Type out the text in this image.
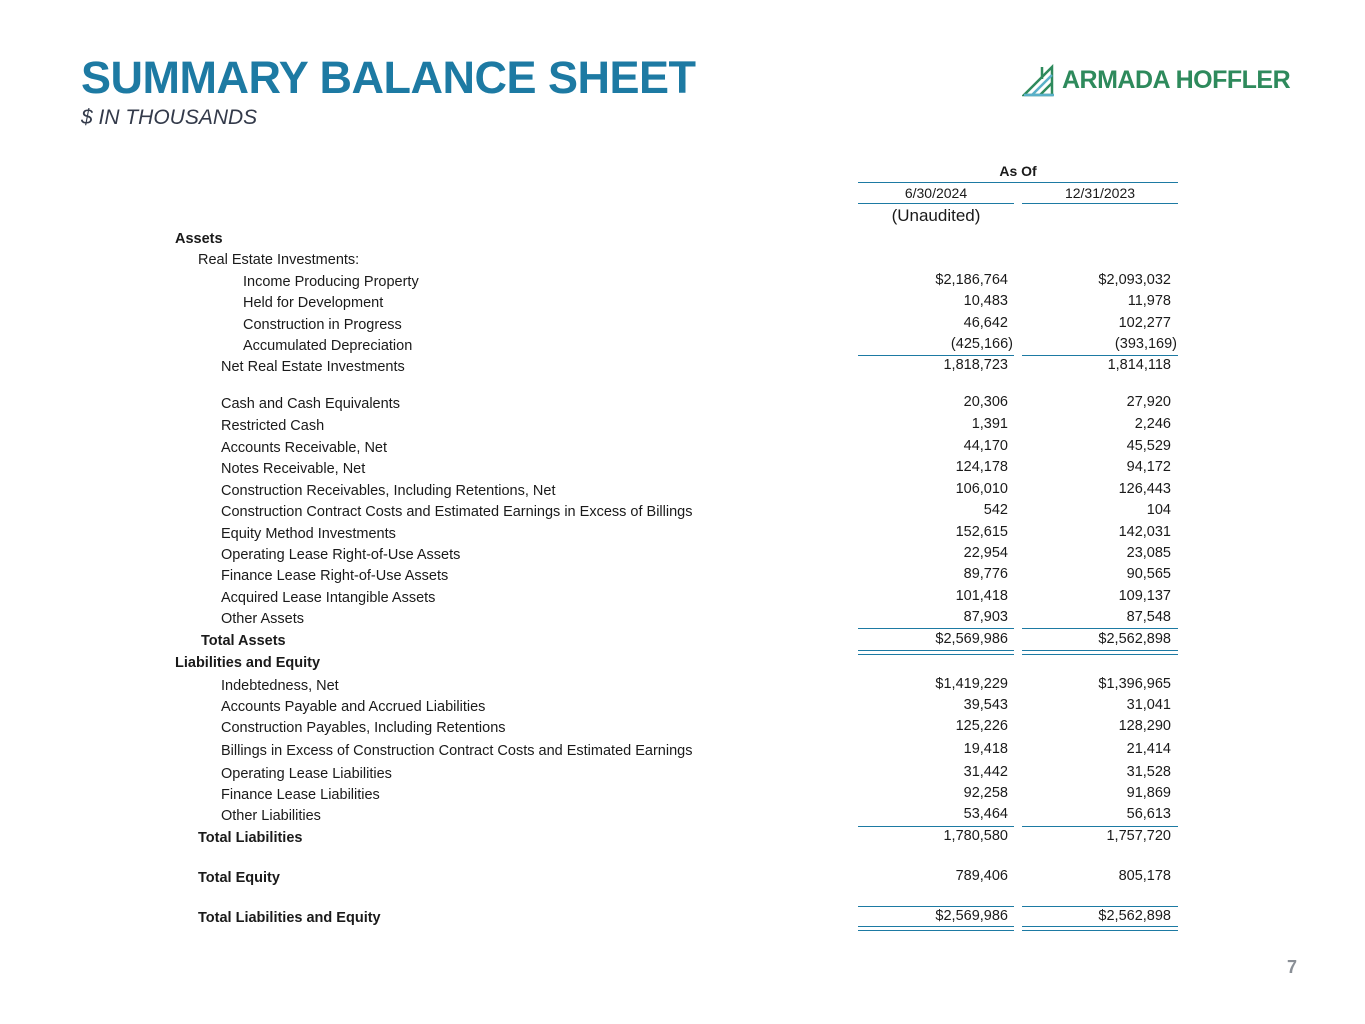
SUMMARY BALANCE SHEET
$ IN THOUSANDS
ARMADA HOFFLER
As Of
6/30/2024	12/31/2023
(Unaudited)
Assets
Real Estate Investments:
Income Producing Property	$2,186,764	$2,093,032
Held for Development	10,483	11,978
Construction in Progress	46,642	102,277
Accumulated Depreciation	(425,166)	(393,169)
Net Real Estate Investments	1,818,723	1,814,118
Cash and Cash Equivalents	20,306	27,920
Restricted Cash	1,391	2,246
Accounts Receivable, Net	44,170	45,529
Notes Receivable, Net	124,178	94,172
Construction Receivables, Including Retentions, Net	106,010	126,443
Construction Contract Costs and Estimated Earnings in Excess of Billings	542	104
Equity Method Investments	152,615	142,031
Operating Lease Right-of-Use Assets	22,954	23,085
Finance Lease Right-of-Use Assets	89,776	90,565
Acquired Lease Intangible Assets	101,418	109,137
Other Assets	87,903	87,548
Total Assets	$2,569,986	$2,562,898
Liabilities and Equity
Indebtedness, Net	$1,419,229	$1,396,965
Accounts Payable and Accrued Liabilities	39,543	31,041
Construction Payables, Including Retentions	125,226	128,290
Billings in Excess of Construction Contract Costs and Estimated Earnings	19,418	21,414
Operating Lease Liabilities	31,442	31,528
Finance Lease Liabilities	92,258	91,869
Other Liabilities	53,464	56,613
Total Liabilities	1,780,580	1,757,720
Total Equity	789,406	805,178
Total Liabilities and Equity	$2,569,986	$2,562,898
7
